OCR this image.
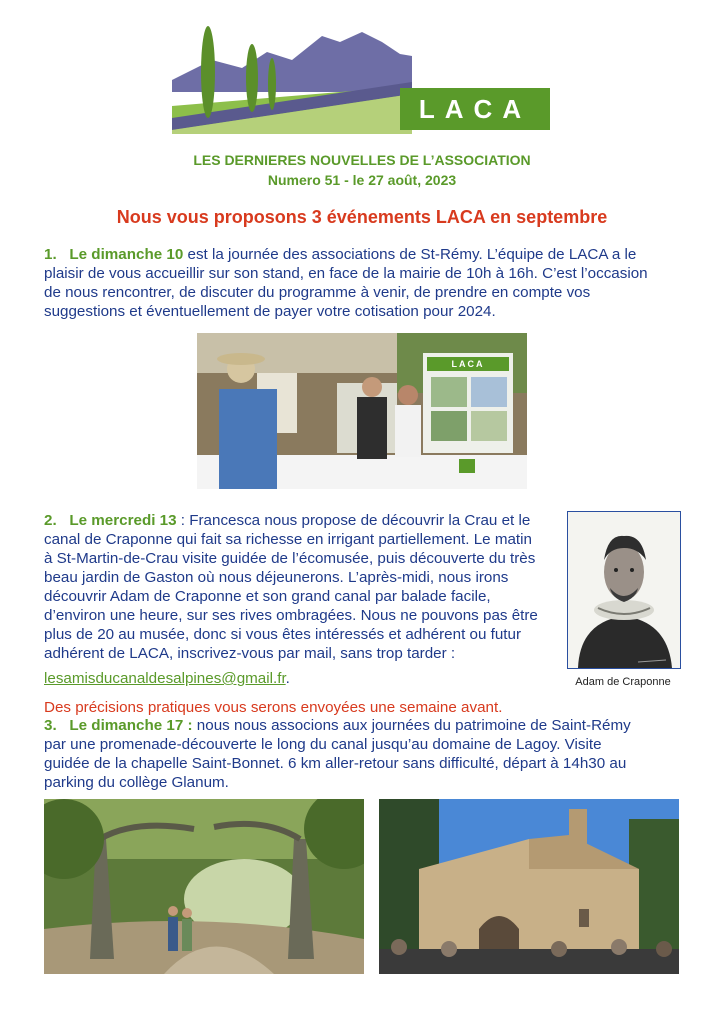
LACA
LES DERNIERES NOUVELLES DE L’ASSOCIATION
Numero 51 - le 27 août, 2023
Nous vous proposons 3 événements LACA en septembre
1. Le dimanche 10 est la journée des associations de St-Rémy. L’équipe de LACA a le
plaisir de vous accueillir sur son stand, en face de la mairie de 10h à 16h. C’est l’occasion
de nous rencontrer, de discuter du programme à venir, de prendre en compte vos
suggestions et éventuellement de payer votre cotisation pour 2024.
LACA
2. Le mercredi 13 : Francesca nous propose de découvrir la Crau et le
canal de Craponne qui fait sa richesse en irrigant partiellement. Le matin
à St-Martin-de-Crau visite guidée de l’écomusée, puis découverte du très
beau jardin de Gaston où nous déjeunerons. L’après-midi, nous irons
découvrir Adam de Craponne et son grand canal par balade facile,
d’environ une heure, sur ses rives ombragées. Nous ne pouvons pas être
plus de 20 au musée, donc si vous êtes intéressés et adhérent ou futur
adhérent de LACA, inscrivez-vous par mail, sans trop tarder :
lesamisducanaldesalpines@gmail.fr.
Des précisions pratiques vous serons envoyées une semaine avant.
Adam de Craponne
3. Le dimanche 17 : nous nous associons aux journées du patrimoine de Saint-Rémy
par une promenade-découverte le long du canal jusqu’au domaine de Lagoy. Visite
guidée de la chapelle Saint-Bonnet. 6 km aller-retour sans difficulté, départ à 14h30 au
parking du collège Glanum.
